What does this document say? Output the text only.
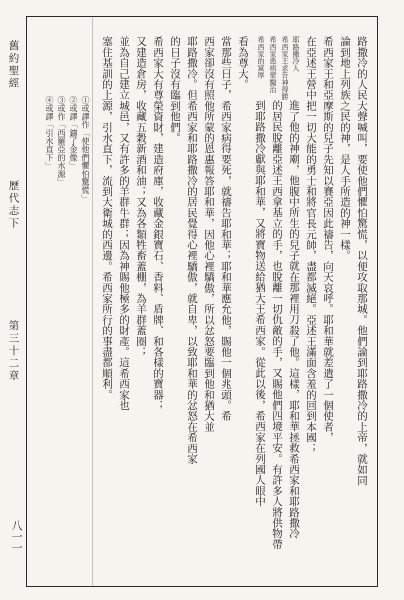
耶路撒冷人
希西家王求告神得勝
希西家患病蒙醫治
希西家的富厚	路撒冷的人民大聲喊叫，要使他們懼怕驚慌，以便攻取那城。他們論到耶路撒冷的上帝，就如同
論到地上列族之民的神，是人手所造的神一樣。
希西家王和亞摩斯的兒子先知以賽亞因此禱告，向天哀呼。耶和華就差遣了一個使者，
在亞述王營中把一切大能的勇士和將官長元帥，盡都滅絕。亞述王滿面含羞的回到本國；
進了他的神廟，他腹中所生的兒子就在那裡用刀殺了他。這樣，耶和華拯救希西家和耶路撒冷
的居民脫離亞述王西拿基立的手，也脫離一切仇敵的手，又賜他們四境平安。有許多人將供物帶
到耶路撒冷獻與耶和華，又將寶物送給猶大王希西家。從此以後，希西家在列國人眼中
看為尊大。
當那些日子，希西家病得要死，就禱告耶和華；耶和華應允他，賜他一個兆頭。希
西家卻沒有照他所蒙的恩惠報答耶和華，因他心裡驕傲，所以忿怒要臨到他和猶大並
耶路撒冷。但希西家和耶路撒冷的居民覺得心裡驕傲，就自卑，以致耶和華的忿怒在希西家
的日子沒有臨到他們。
希西家大有尊榮資財，建造府庫，收藏金銀寶石、香料、盾牌、和各樣的寶器；
又建造倉房，收藏五穀新酒和油；又為各類牲畜蓋棚，為羊群蓋圈；
並為自己建立城邑，又有許多的羊群牛群；因為神賜他極多的財產。這希西家也
塞住基訓的上源，引水直下，流到大衛城的西邊。希西家所行的事盡都順利。
①或譯作「使他們懼怕驚慌」
②或譯「鑄了金像」
③或作「西羅亞的水源」
④或譯「引水直下」
舊約聖經
歷代志下
第三十二章
八一一
